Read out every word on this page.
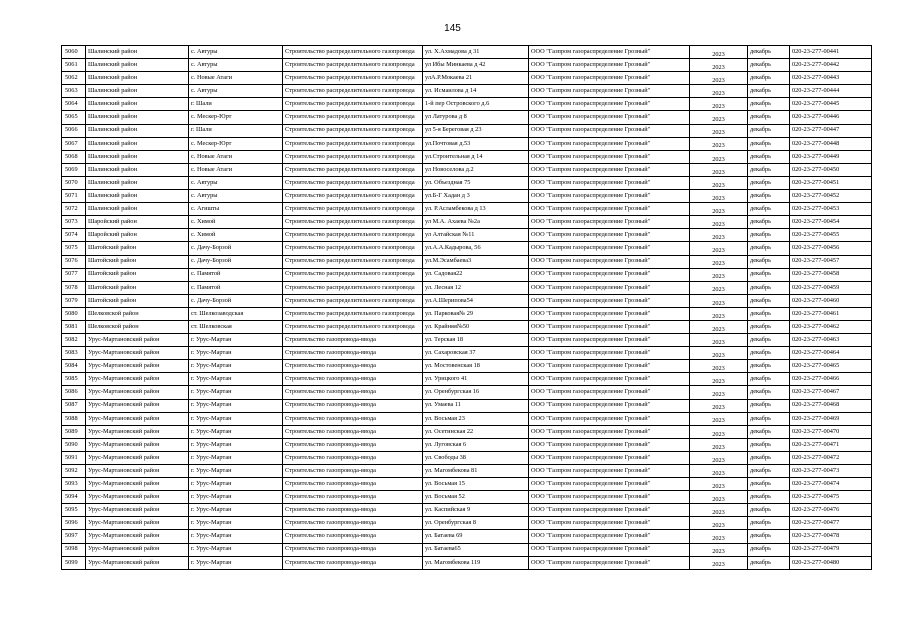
145
5060	Шалинский район	с. Автуры	Строительство распределительного газопровода	ул. Х.Ахмадова д 31	ООО "Газпром газораспределение Грозный"	2023	декабрь	020-23-277-00441
5061	Шалинский район	с. Автуры	Строительство распределительного газопровода	ул Ибы Минкаева д 42	ООО "Газпром газораспределение Грозный"	2023	декабрь	020-23-277-00442
5062	Шалинский район	с. Новые Атаги	Строительство распределительного газопровода	улА.Р.Мокаева 21	ООО "Газпром газораспределение Грозный"	2023	декабрь	020-23-277-00443
5063	Шалинский район	с. Автуры	Строительство распределительного газопровода	ул. Исмаилова д 14	ООО "Газпром газораспределение Грозный"	2023	декабрь	020-23-277-00444
5064	Шалинский район	г. Шали	Строительство распределительного газопровода	1-й пер Островского д.6	ООО "Газпром газораспределение Грозный"	2023	декабрь	020-23-277-00445
5065	Шалинский район	с. Мескер-Юрт	Строительство распределительного газопровода	ул Латурова д 8	ООО "Газпром газораспределение Грозный"	2023	декабрь	020-23-277-00446
5066	Шалинский район	г. Шали	Строительство распределительного газопровода	ул 5-я Береговая д 23	ООО "Газпром газораспределение Грозный"	2023	декабрь	020-23-277-00447
5067	Шалинский район	с. Мескер-Юрт	Строительство распределительного газопровода	ул.Почтовая д.53	ООО "Газпром газораспределение Грозный"	2023	декабрь	020-23-277-00448
5068	Шалинский район	с. Новые Атаги	Строительство распределительного газопровода	ул.Строительная д 14	ООО "Газпром газораспределение Грозный"	2023	декабрь	020-23-277-00449
5069	Шалинский район	с. Новые Атаги	Строительство распределительного газопровода	ул Новоселова д.2	ООО "Газпром газораспределение Грозный"	2023	декабрь	020-23-277-00450
5070	Шалинский район	с. Автуры	Строительство распределительного газопровода	ул. Объездная 75	ООО "Газпром газораспределение Грозный"	2023	декабрь	020-23-277-00451
5071	Шалинский район	с. Автуры	Строительство распределительного газопровода	ул.Б-Г Хадан д 3	ООО "Газпром газораспределение Грозный"	2023	декабрь	020-23-277-00452
5072	Шалинский район	с. Агишты	Строительство распределительного газопровода	ул. Р.Асламбекова д 13	ООО "Газпром газораспределение Грозный"	2023	декабрь	020-23-277-00453
5073	Шаройский район	с. Химой	Строительство распределительного газопровода	ул М.А. Ахаева №2а	ООО "Газпром газораспределение Грозный"	2023	декабрь	020-23-277-00454
5074	Шаройский район	с. Химой	Строительство распределительного газопровода	ул Алтайская №11	ООО "Газпром газораспределение Грозный"	2023	декабрь	020-23-277-00455
5075	Шатойский район	с. Дачу-Борзой	Строительство распределительного газопровода	ул.А.А.Кадырова, 56	ООО "Газпром газораспределение Грозный"	2023	декабрь	020-23-277-00456
5076	Шатойский район	с. Дачу-Борзой	Строительство распределительного газопровода	ул.М.Эсамбаева3	ООО "Газпром газораспределение Грозный"	2023	декабрь	020-23-277-00457
5077	Шатойский район	с. Памятой	Строительство распределительного газопровода	ул. Садовая22	ООО "Газпром газораспределение Грозный"	2023	декабрь	020-23-277-00458
5078	Шатойский район	с. Памятой	Строительство распределительного газопровода	ул. Лесная 12	ООО "Газпром газораспределение Грозный"	2023	декабрь	020-23-277-00459
5079	Шатойский район	с. Дачу-Борзой	Строительство распределительного газопровода	ул.А.Шерипова54	ООО "Газпром газораспределение Грозный"	2023	декабрь	020-23-277-00460
5080	Шелковской район	ст. Шелкозаводская	Строительство распределительного газопровода	ул. Парковая№ 29	ООО "Газпром газораспределение Грозный"	2023	декабрь	020-23-277-00461
5081	Шелковской район	ст. Шелковская	Строительство распределительного газопровода	ул. Крайняя№50	ООО "Газпром газораспределение Грозный"	2023	декабрь	020-23-277-00462
5082	Урус-Мартановский район	г. Урус-Мартан	Строительство газопровода-ввода	ул. Терская 18	ООО "Газпром газораспределение Грозный"	2023	декабрь	020-23-277-00463
5083	Урус-Мартановский район	г. Урус-Мартан	Строительство газопровода-ввода	ул. Сахаровская 37	ООО "Газпром газораспределение Грозный"	2023	декабрь	020-23-277-00464
5084	Урус-Мартановский район	г. Урус-Мартан	Строительство газопровода-ввода	ул. Мостовенская 18	ООО "Газпром газораспределение Грозный"	2023	декабрь	020-23-277-00465
5085	Урус-Мартановский район	г. Урус-Мартан	Строительство газопровода-ввода	ул. Урицкого 41	ООО "Газпром газораспределение Грозный"	2023	декабрь	020-23-277-00466
5086	Урус-Мартановский район	г. Урус-Мартан	Строительство газопровода-ввода	ул. Оренбургская 16	ООО "Газпром газораспределение Грозный"	2023	декабрь	020-23-277-00467
5087	Урус-Мартановский район	г. Урус-Мартан	Строительство газопровода-ввода	ул. Умаева 11	ООО "Газпром газораспределение Грозный"	2023	декабрь	020-23-277-00468
5088	Урус-Мартановский район	г. Урус-Мартан	Строительство газопровода-ввода	ул. Восьмая 23	ООО "Газпром газораспределение Грозный"	2023	декабрь	020-23-277-00469
5089	Урус-Мартановский район	г. Урус-Мартан	Строительство газопровода-ввода	ул. Осетинская 22	ООО "Газпром газораспределение Грозный"	2023	декабрь	020-23-277-00470
5090	Урус-Мартановский район	г. Урус-Мартан	Строительство газопровода-ввода	ул. Луговская 6	ООО "Газпром газораспределение Грозный"	2023	декабрь	020-23-277-00471
5091	Урус-Мартановский район	г. Урус-Мартан	Строительство газопровода-ввода	ул. Свободы 38	ООО "Газпром газораспределение Грозный"	2023	декабрь	020-23-277-00472
5092	Урус-Мартановский район	г. Урус-Мартан	Строительство газопровода-ввода	ул. Магомбекова 81	ООО "Газпром газораспределение Грозный"	2023	декабрь	020-23-277-00473
5093	Урус-Мартановский район	г. Урус-Мартан	Строительство газопровода-ввода	ул. Восьмая 15	ООО "Газпром газораспределение Грозный"	2023	декабрь	020-23-277-00474
5094	Урус-Мартановский район	г. Урус-Мартан	Строительство газопровода-ввода	ул. Восьмая 52	ООО "Газпром газораспределение Грозный"	2023	декабрь	020-23-277-00475
5095	Урус-Мартановский район	г. Урус-Мартан	Строительство газопровода-ввода	ул. Каспийская 9	ООО "Газпром газораспределение Грозный"	2023	декабрь	020-23-277-00476
5096	Урус-Мартановский район	г. Урус-Мартан	Строительство газопровода-ввода	ул. Оренбургская 8	ООО "Газпром газораспределение Грозный"	2023	декабрь	020-23-277-00477
5097	Урус-Мартановский район	г. Урус-Мартан	Строительство газопровода-ввода	ул. Батаева 69	ООО "Газпром газораспределение Грозный"	2023	декабрь	020-23-277-00478
5098	Урус-Мартановский район	г. Урус-Мартан	Строительство газопровода-ввода	ул. Батаева65	ООО "Газпром газораспределение Грозный"	2023	декабрь	020-23-277-00479
5099	Урус-Мартановский район	г. Урус-Мартан	Строительство газопровода-ввода	ул. Магомбекова 119	ООО "Газпром газораспределение Грозный"	2023	декабрь	020-23-277-00480
